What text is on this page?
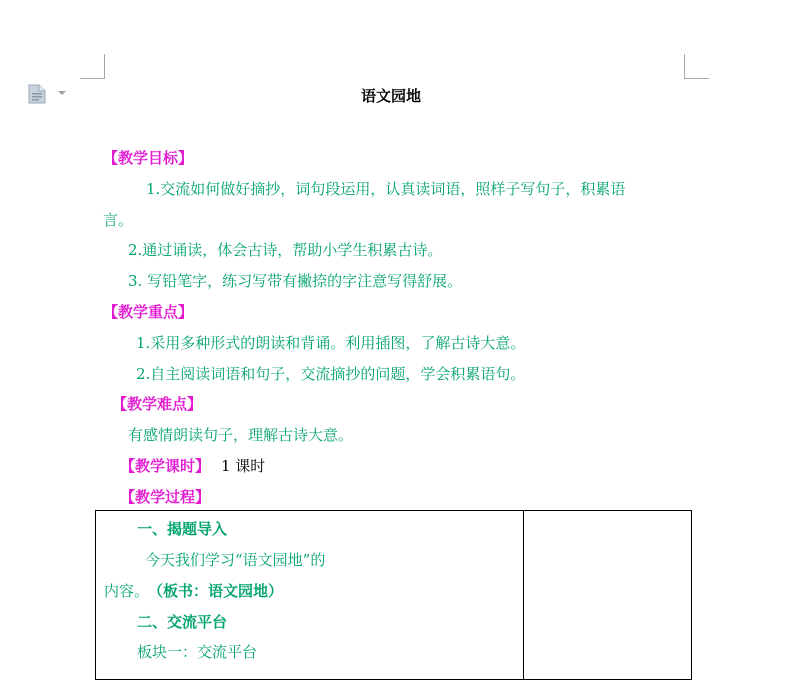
语文园地
【教学目标】
1.交流如何做好摘抄，词句段运用，认真读词语，照样子写句子，积累语
言。
2.通过诵读，体会古诗，帮助小学生积累古诗。
3. 写铅笔字，练习写带有撇捺的字注意写得舒展。
【教学重点】
1.采用多种形式的朗读和背诵。利用插图，了解古诗大意。
2.自主阅读词语和句子，交流摘抄的问题，学会积累语句。
【教学难点】
有感情朗读句子，理解古诗大意。
【教学课时】 1 课时
【教学过程】
一、揭题导入
今天我们学习“语文园地”的
内容。
（板书：语文园地）
二、交流平台
板块一：交流平台
